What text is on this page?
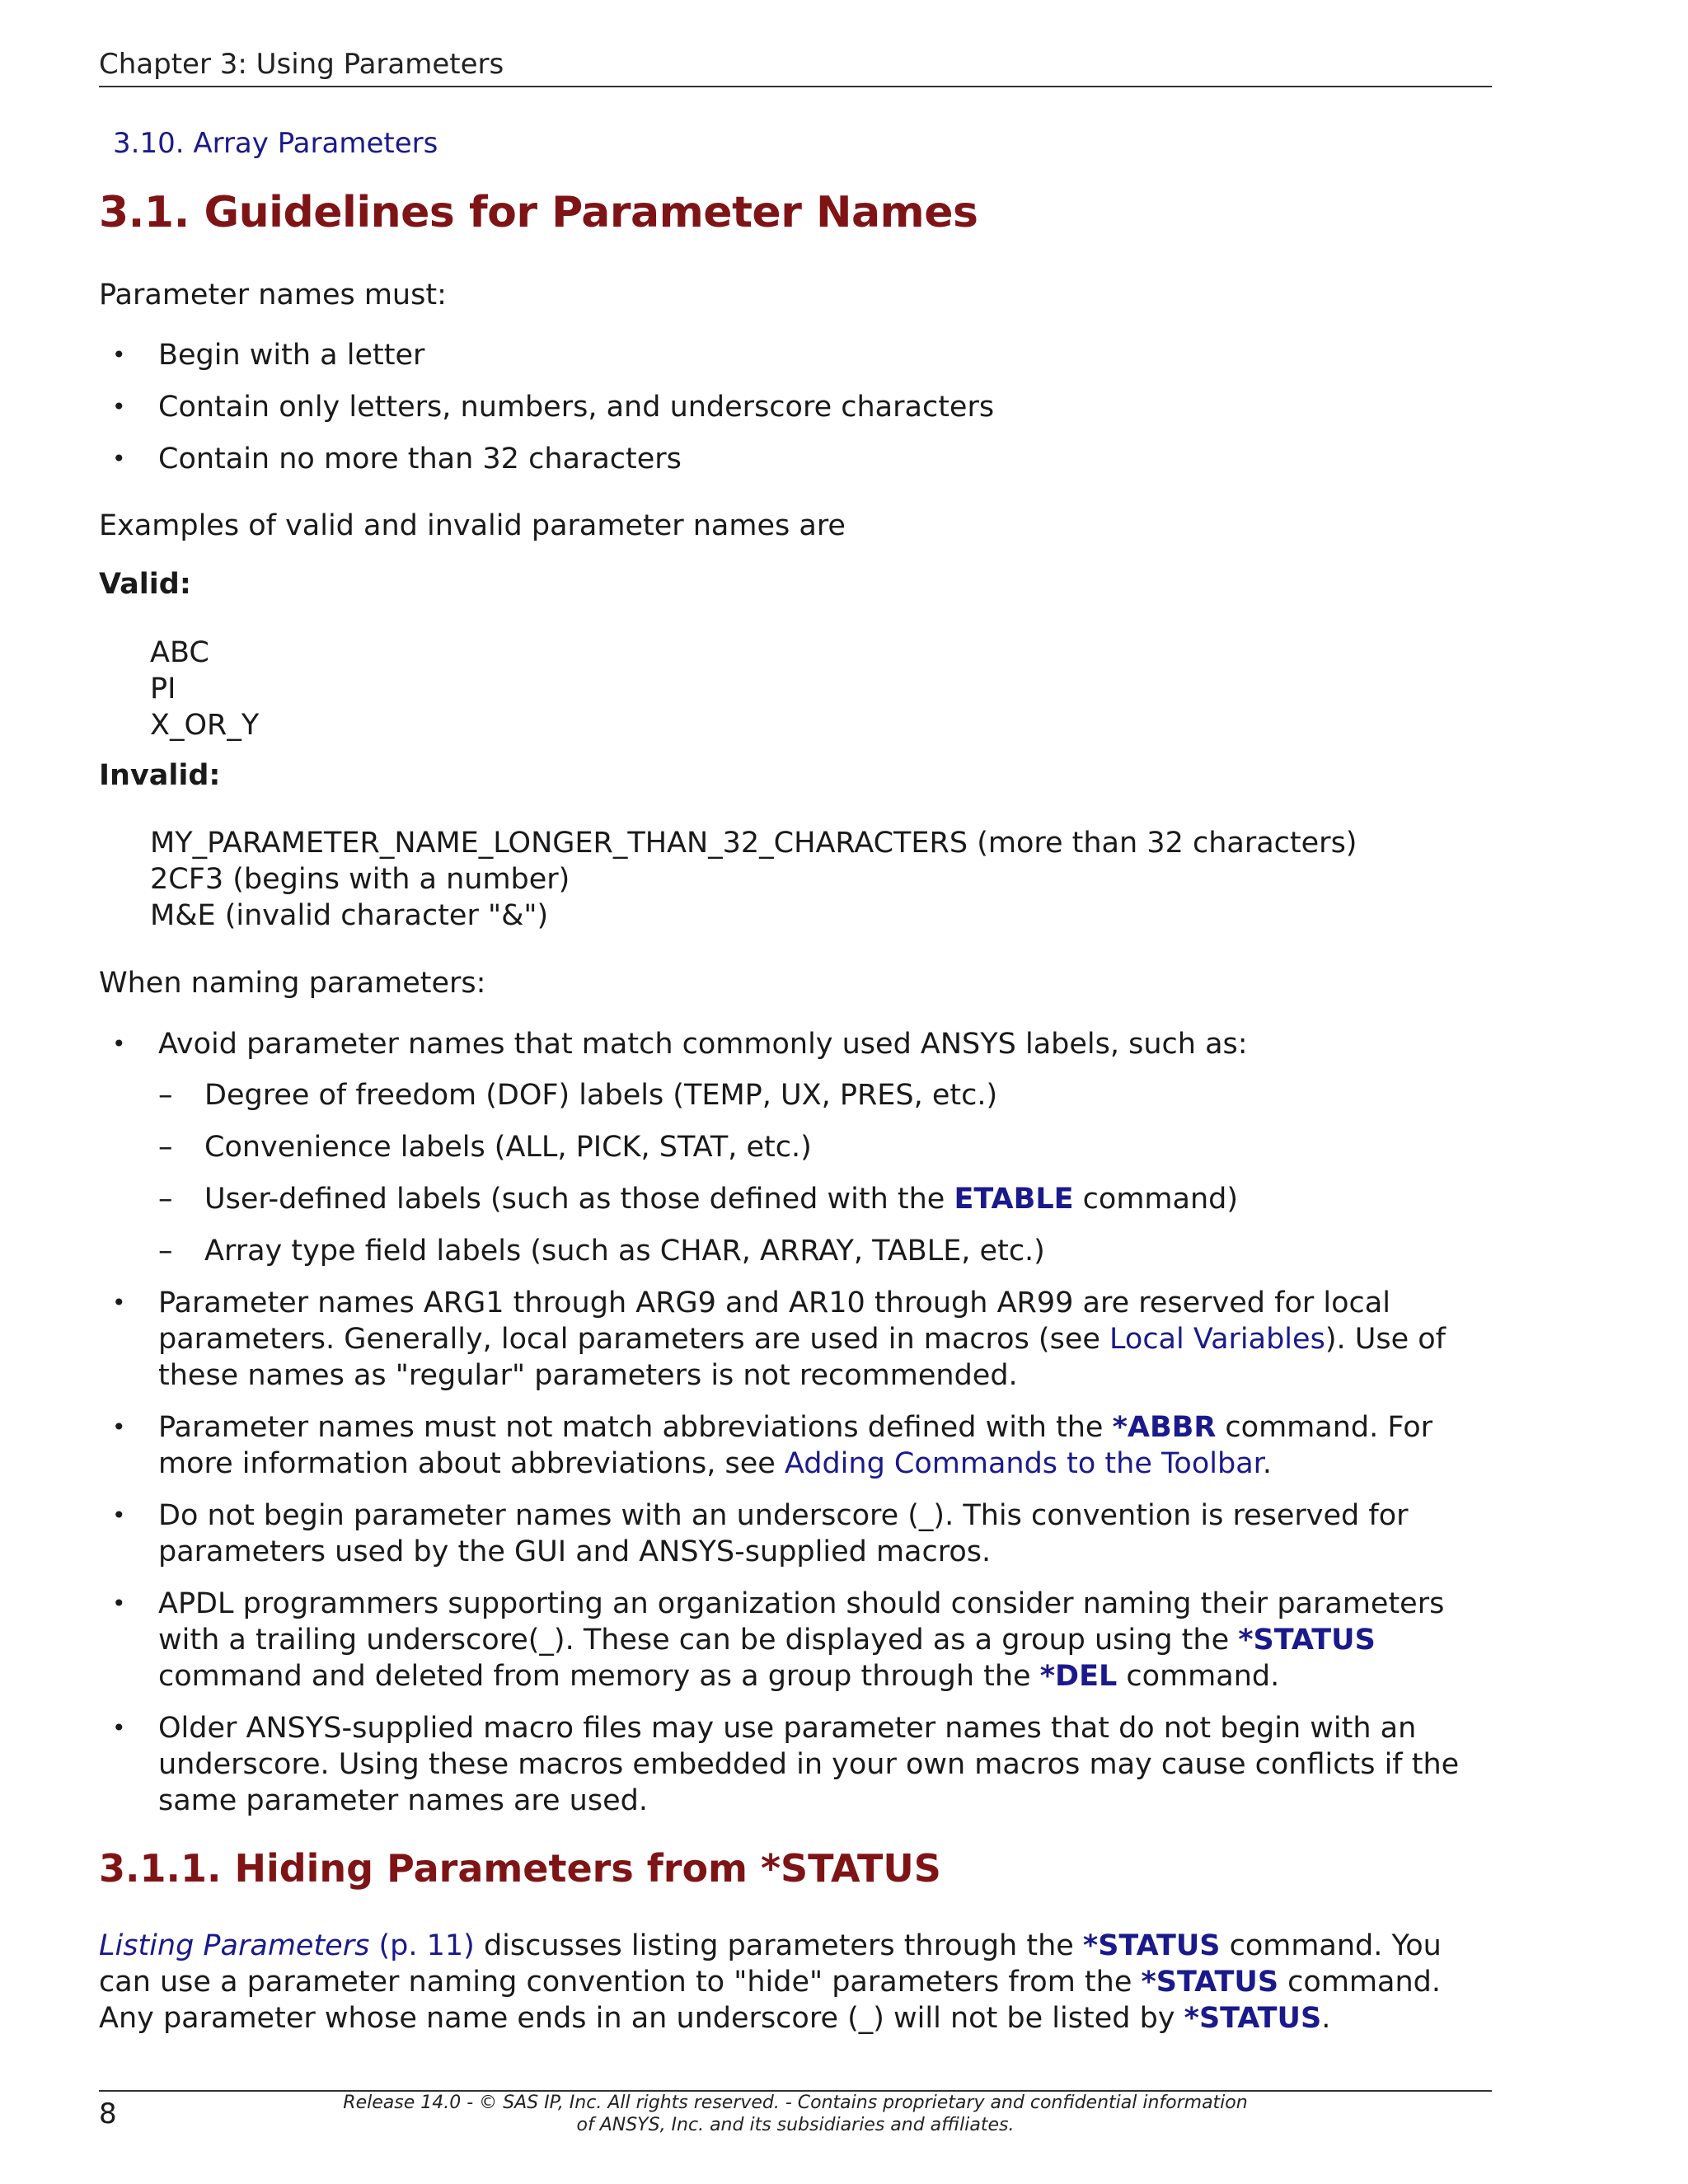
Chapter 3: Using Parameters
3.10. Array Parameters
3.1. Guidelines for Parameter Names

Parameter names must:

• Begin with a letter
• Contain only letters, numbers, and underscore characters
• Contain no more than 32 characters

Examples of valid and invalid parameter names are

Valid:
ABC
PI
X_OR_Y
Invalid:
MY_PARAMETER_NAME_LONGER_THAN_32_CHARACTERS (more than 32 characters)
2CF3 (begins with a number)
M&E (invalid character "&")

When naming parameters:

• Avoid parameter names that match commonly used ANSYS labels, such as:
– Degree of freedom (DOF) labels (TEMP, UX, PRES, etc.)
– Convenience labels (ALL, PICK, STAT, etc.)
– User-defined labels (such as those defined with the ETABLE command)
– Array type field labels (such as CHAR, ARRAY, TABLE, etc.)
• Parameter names ARG1 through ARG9 and AR10 through AR99 are reserved for local parameters. Generally, local parameters are used in macros (see Local Variables). Use of these names as "regular" parameters is not recommended.
• Parameter names must not match abbreviations defined with the *ABBR command. For more information about abbreviations, see Adding Commands to the Toolbar.
• Do not begin parameter names with an underscore (_). This convention is reserved for parameters used by the GUI and ANSYS-supplied macros.
• APDL programmers supporting an organization should consider naming their parameters with a trailing underscore(_). These can be displayed as a group using the *STATUS command and deleted from memory as a group through the *DEL command.
• Older ANSYS-supplied macro files may use parameter names that do not begin with an underscore. Using these macros embedded in your own macros may cause conflicts if the same parameter names are used.
3.1.1. Hiding Parameters from *STATUS

Listing Parameters (p. 11) discusses listing parameters through the *STATUS command. You can use a parameter naming convention to "hide" parameters from the *STATUS command. Any parameter whose name ends in an underscore (_) will not be listed by *STATUS.

8	Release 14.0 - © SAS IP, Inc. All rights reserved. - Contains proprietary and confidential information
of ANSYS, Inc. and its subsidiaries and affiliates.
